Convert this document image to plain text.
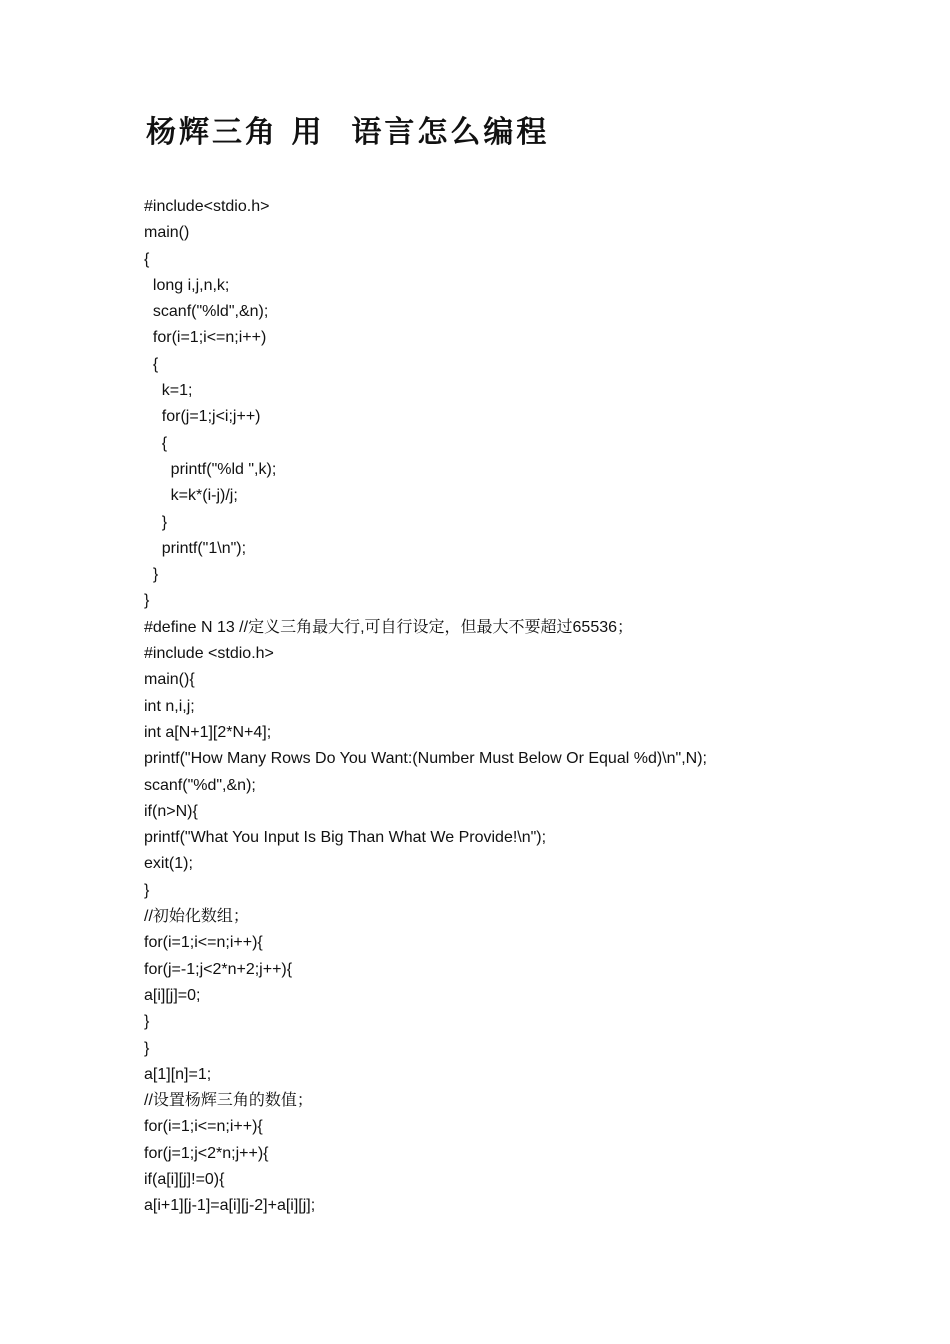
杨辉三角 用  语言怎么编程
#include<stdio.h>
main()
{
long i,j,n,k;
scanf("%ld",&n);
for(i=1;i<=n;i++)
{
k=1;
for(j=1;j<i;j++)
{
printf("%ld ",k);
k=k*(i-j)/j;
}
printf("1\n");
}
}
#define N 13 //定义三角最大行,可自行设定，但最大不要超过65536；
#include <stdio.h>
main(){
int n,i,j;
int a[N+1][2*N+4];
printf("How Many Rows Do You Want:(Number Must Below Or Equal %d)\n",N);
scanf("%d",&n);
if(n>N){
printf("What You Input Is Big Than What We Provide!\n");
exit(1);
}
//初始化数组；
for(i=1;i<=n;i++){
for(j=-1;j<2*n+2;j++){
a[i][j]=0;
}
}
a[1][n]=1;
//设置杨辉三角的数值；
for(i=1;i<=n;i++){
for(j=1;j<2*n;j++){
if(a[i][j]!=0){
a[i+1][j-1]=a[i][j-2]+a[i][j];
